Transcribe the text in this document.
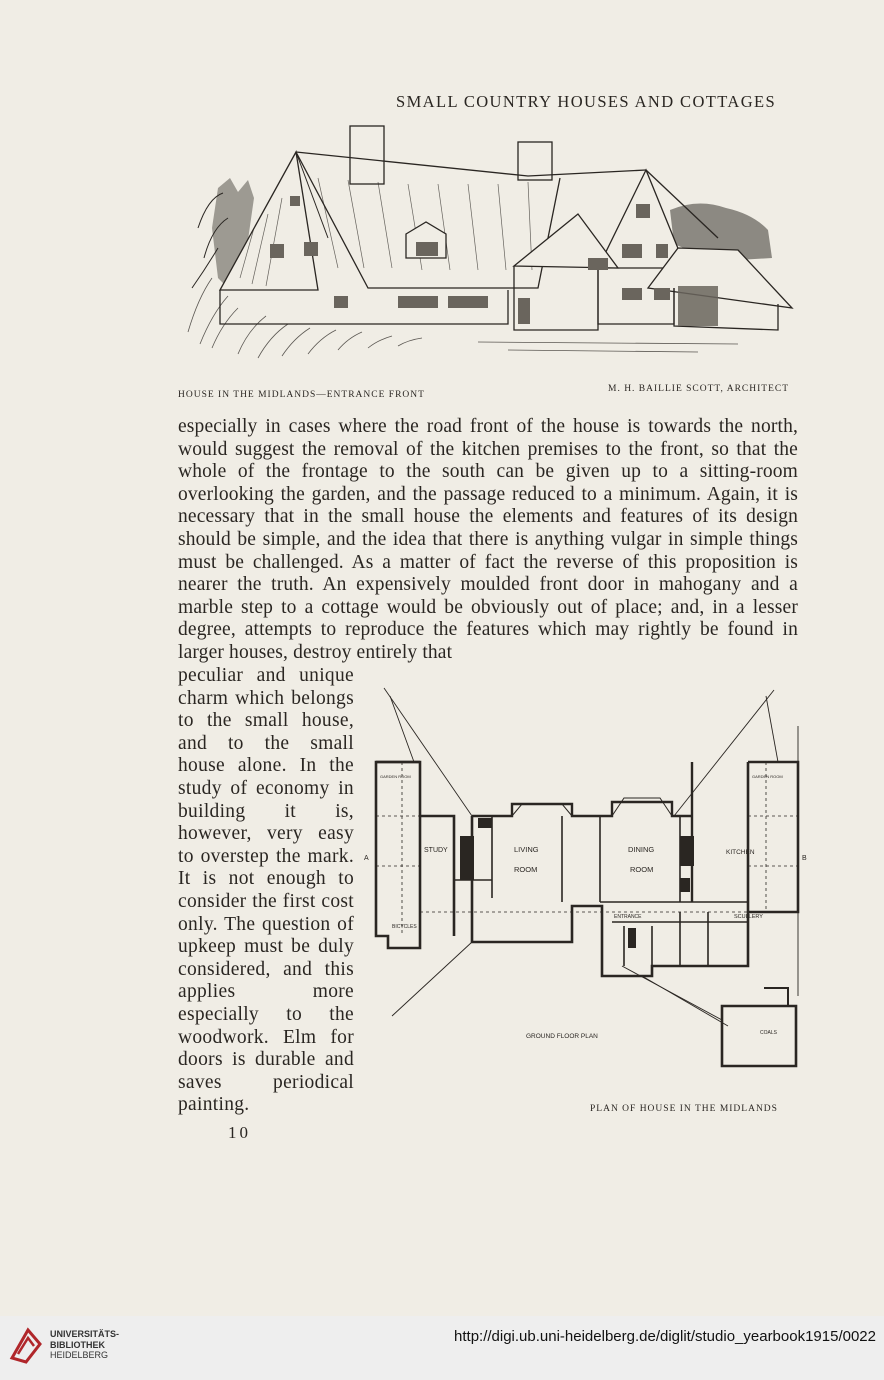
SMALL COUNTRY HOUSES AND COTTAGES
HOUSE IN THE MIDLANDS—ENTRANCE FRONT
M. H. BAILLIE SCOTT, ARCHITECT

especially in cases where the road front of the house is towards the north, would suggest the removal of the kitchen premises to the front, so that the whole of the frontage to the south can be given up to a sitting-room overlooking the garden, and the passage reduced to a minimum. Again, it is necessary that in the small house the elements and features of its design should be simple, and the idea that there is anything vulgar in simple things must be challenged. As a matter of fact the reverse of this proposition is nearer the truth. An expensively moulded front door in mahogany and a marble step to a cottage would be obviously out of place; and, in a lesser degree, attempts to reproduce the features which may rightly be found in larger houses, destroy entirely that

peculiar and unique charm which belongs to the small house, and to the small house alone. In the study of economy in building it is, however, very easy to overstep the mark. It is not enough to consider the first cost only. The question of upkeep must be duly considered, and this applies more especially to the woodwork. Elm for doors is durable and saves periodical painting.

A	B
STUDY	LIVING
ROOM
DINING
ROOM
KITCHEN
SCULLERY
ENTRANCE
BICYCLES
COALS
GARDEN ROOM	GARDEN ROOM
GROUND FLOOR PLAN
PLAN OF HOUSE IN THE MIDLANDS
10
UNIVERSITÄTS-
BIBLIOTHEK
HEIDELBERG
http://digi.ub.uni-heidelberg.de/diglit/studio_yearbook1915/0022
